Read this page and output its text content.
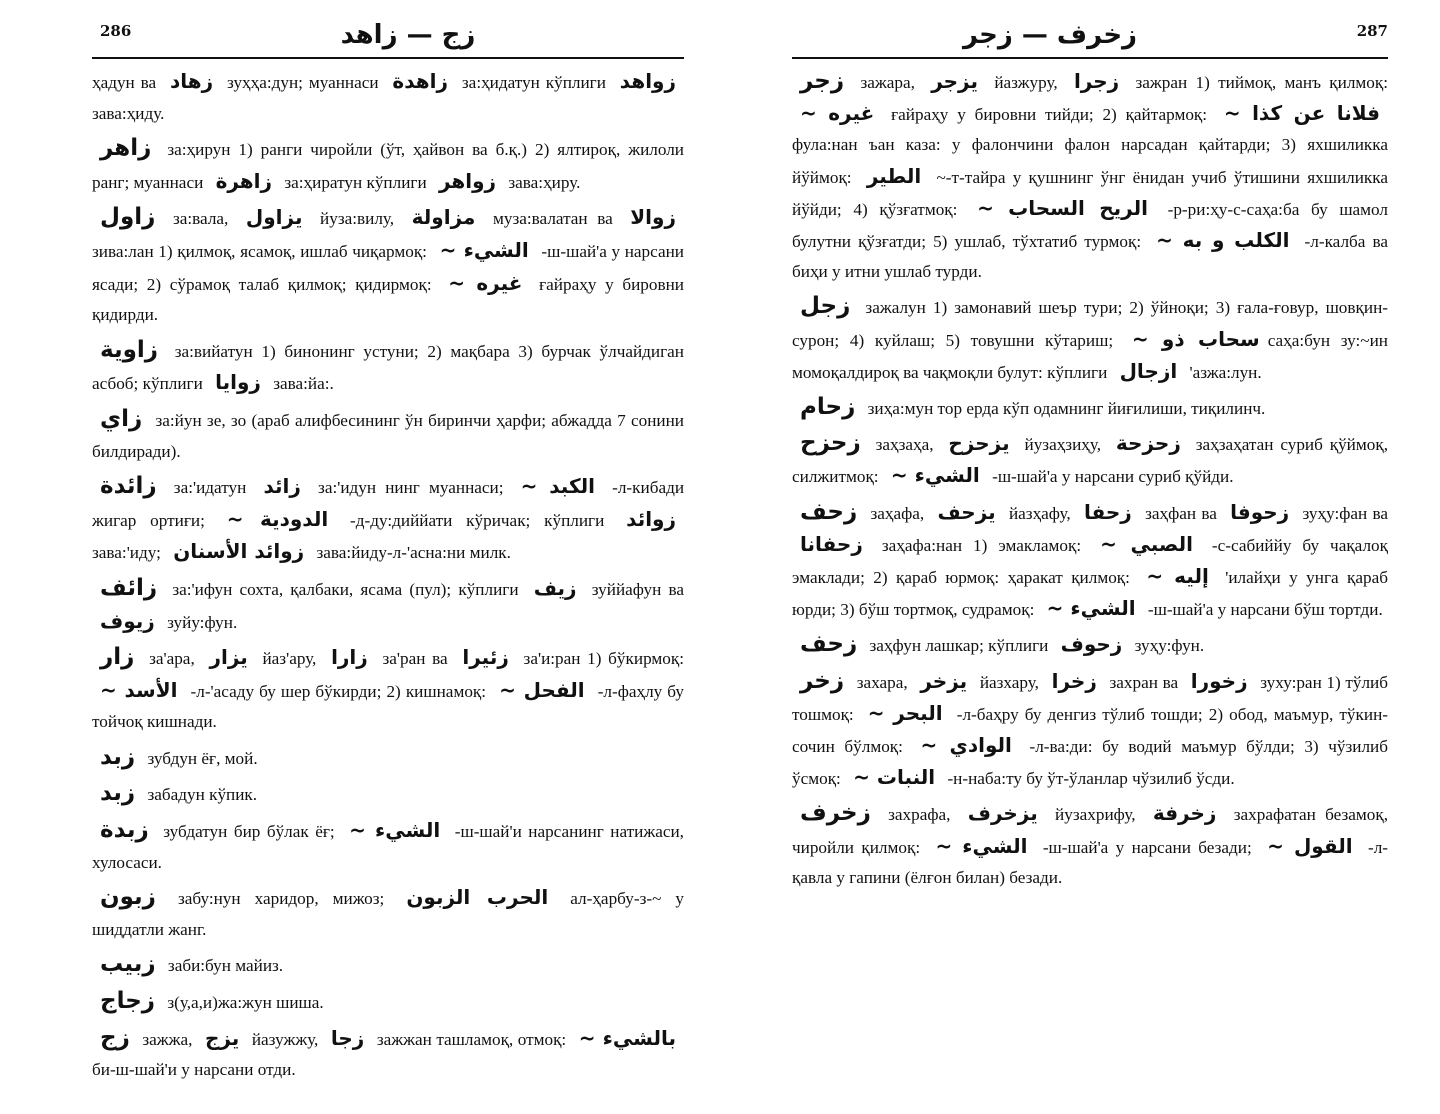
286	زج — زاهد

ҳадун ва زهاد зуҳҳа:дун; муаннаси زاهدة за:ҳидатун кўплиги زواهد зава:ҳиду.

زاهر за:ҳирун 1) ранги чиройли (ўт, ҳайвон ва б.қ.) 2) ялтироқ, жилоли ранг; муаннаси زاهرة за:ҳиратун кўплиги زواهر зава:ҳиру.

زاول за:вала, يزاول йуза:вилу, مزاولة муза:валатан ва زوالا зива:лан 1) қилмоқ, ясамоқ, ишлаб чиқармоқ: الشيء ~ -ш-шай'а у нарсани ясади; 2) сўрамоқ талаб қилмоқ; қидирмоқ: غيره ~ ғайраҳу у бировни қидирди.

زاوية за:вийатун 1) бинонинг устуни; 2) мақбара 3) бурчак ўлчайдиган асбоб; кўплиги زوايا зава:йа:.

زاي за:йун зе, зо (араб алифбесининг ўн биринчи ҳарфи; абжадда 7 сонини билдиради).

زائدة за:'идатун زائد за:'идун нинг муаннаси; الكبد ~ -л-кибади жигар ортиғи; الدودية ~ -д-ду:диййати кўричак; кўплиги زوائد зава:'иду; زوائد الأسنان зава:йиду-л-'асна:ни милк.

زائف за:'ифун сохта, қалбаки, ясама (пул); кўплиги زيف зуййафун ва زيوف зуйу:фун.

زار за'ара, يزار йаз'ару, زارا за'ран ва زئيرا за'и:ран 1) бўкирмоқ: الأسد ~ -л-'асаду бу шер бўкирди; 2) кишнамоқ: الفحل ~ -л-фаҳлу бу тойчоқ кишнади.

زبد зубдун ёғ, мой.

زبد забадун кўпик.

زبدة зубдатун бир бўлак ёғ; الشيء ~ -ш-шай'и нарсанинг натижаси, хулосаси.

زبون забу:нун харидор, мижоз; الحرب الزبون ал-ҳарбу-з-~ у шиддатли жанг.

زبيب заби:бун майиз.

زجاج з(у,а,и)жа:жун шиша.

زج зажжа, يزج йазужжу, زجا зажжан ташламоқ, отмоқ: بالشيء ~ би-ш-шай'и у нарсани отди.

287
زخرف — زجر

زجر зажара, يزجر йазжуру, زجرا зажран 1) тиймоқ, манъ қилмоқ: غيره ~ ғайраҳу у бировни тийди; 2) қайтармоқ: فلانا عن كذا ~ фула:нан ъан каза: у фалончини фалон нарсадан қайтарди; 3) яхшиликка йўймоқ: الطير ~-т-тайра у қушнинг ўнг ёнидан учиб ўтишини яхшиликка йўйди; 4) қўзғатмоқ: الريح السحاب ~ -р-ри:ҳу-с-саҳа:ба бу шамол булутни қўзғатди; 5) ушлаб, тўхтатиб турмоқ: الكلب و به ~ -л-калба ва биҳи у итни ушлаб турди.

زجل зажалун 1) замонавий шеър тури; 2) ўйноқи; 3) ғала-ғовур, шовқин-сурон; 4) куйлаш; 5) товушни кўтариш; سحاب ذو ~ саҳа:бун зу:~ин момоқалдироқ ва чақмоқли булут: кўплиги ازجال 'азжа:лун.

زحام зиҳа:мун тор ерда кўп одамнинг йиғилиши, тиқилинч.

زحزح заҳзаҳа, يزحزح йузаҳзиҳу, زحزحة заҳзаҳатан суриб қўймоқ, силжитмоқ: الشيء ~ -ш-шай'а у нарсани суриб қўйди.

زحف заҳафа, يزحف йазҳафу, زحفا заҳфан ва زحوفا зуҳу:фан ва زحفانا заҳафа:нан 1) эмакламоқ: الصبي ~ -с-сабиййу бу чақалоқ эмаклади; 2) қараб юрмоқ: ҳаракат қилмоқ: إليه ~ 'илайҳи у унга қараб юрди; 3) бўш тортмоқ, судрамоқ: الشيء ~ -ш-шай'а у нарсани бўш тортди.

زحف заҳфун лашкар; кўплиги زحوف зуҳу:фун.

زخر захара, يزخر йазхару, زخرا захран ва زخورا зуху:ран 1) тўлиб тошмоқ: البحر ~ -л-баҳру бу денгиз тўлиб тошди; 2) обод, маъмур, тўкин-сочин бўлмоқ: الوادي ~ -л-ва:ди: бу водий маъмур бўлди; 3) чўзилиб ўсмоқ: النبات ~ -н-наба:ту бу ўт-ўланлар чўзилиб ўсди.

زخرف захрафа, يزخرف йузахрифу, زخرفة захрафатан безамоқ, чиройли қилмоқ: الشيء ~ -ш-шай'а у нарсани безади; القول ~ -л-қавла у гапини (ёлғон билан) безади.
